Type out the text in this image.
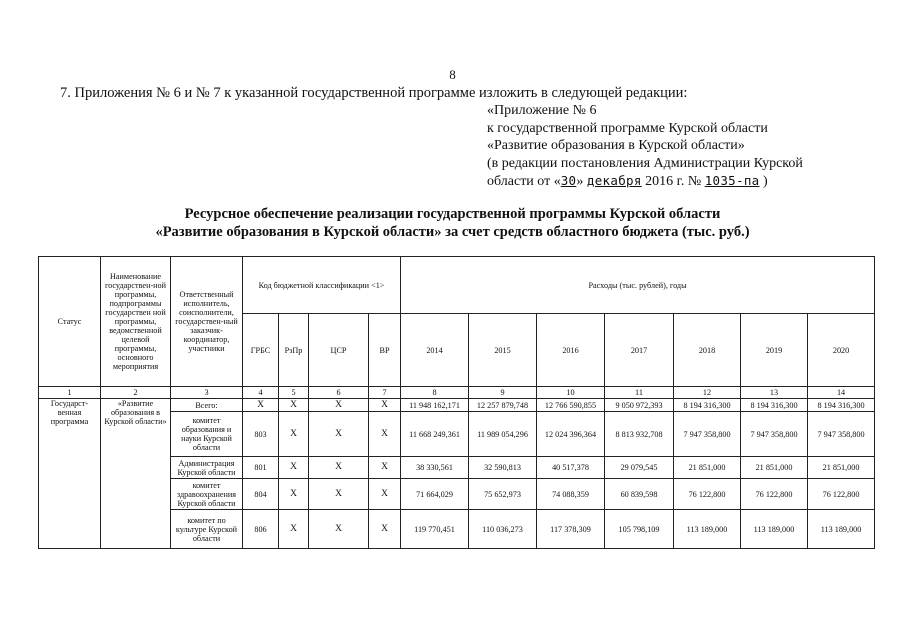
8
7. Приложения № 6 и № 7 к указанной государственной программе изложить в следующей редакции:
«Приложение № 6
к государственной программе Курской области
«Развитие образования в Курской области»
(в редакции постановления Администрации Курской
области от «30» декабря 2016 г. № 1035-па )
Ресурсное обеспечение реализации государственной программы Курской области
«Развитие образования в Курской области» за счет средств областного бюджета (тыс. руб.)
Статус	Наименование государствен-ной программы, подпрограммы государствен ной программы, ведомственной целевой программы, основного мероприятия	Ответственный исполнитель, соисполнители, государствен-ный заказчик-координатор, участники	Код бюджетной классификации <1>				Расходы (тыс. рублей), годы						
			ГРБС	РзПр	ЦСР	ВР	2014	2015	2016	2017	2018	2019	2020
1	2	3	4	5	6	7	8	9	10	11	12	13	14
Государст-венная программа	«Развитие образования в Курской области»	Всего:	X	X	X	X	11 948 162,171	12 257 879,748	12 766 590,855	9 050 972,393	8 194 316,300	8 194 316,300	8 194 316,300
		комитет образования и науки Курской области	803	X	X	X	11 668 249,361	11 989 054,296	12 024 396,364	8 813 932,708	7 947 358,800	7 947 358,800	7 947 358,800
		Администрация Курской области	801	X	X	X	38 330,561	32 590,813	40 517,378	29 079,545	21 851,000	21 851,000	21 851,000
		комитет здравоохранения Курской области	804	X	X	X	71 664,029	75 652,973	74 088,359	60 839,598	76 122,800	76 122,800	76 122,800
		комитет по культуре Курской области	806	X	X	X	119 770,451	110 036,273	117 378,309	105 798,109	113 189,000	113 189,000	113 189,000
